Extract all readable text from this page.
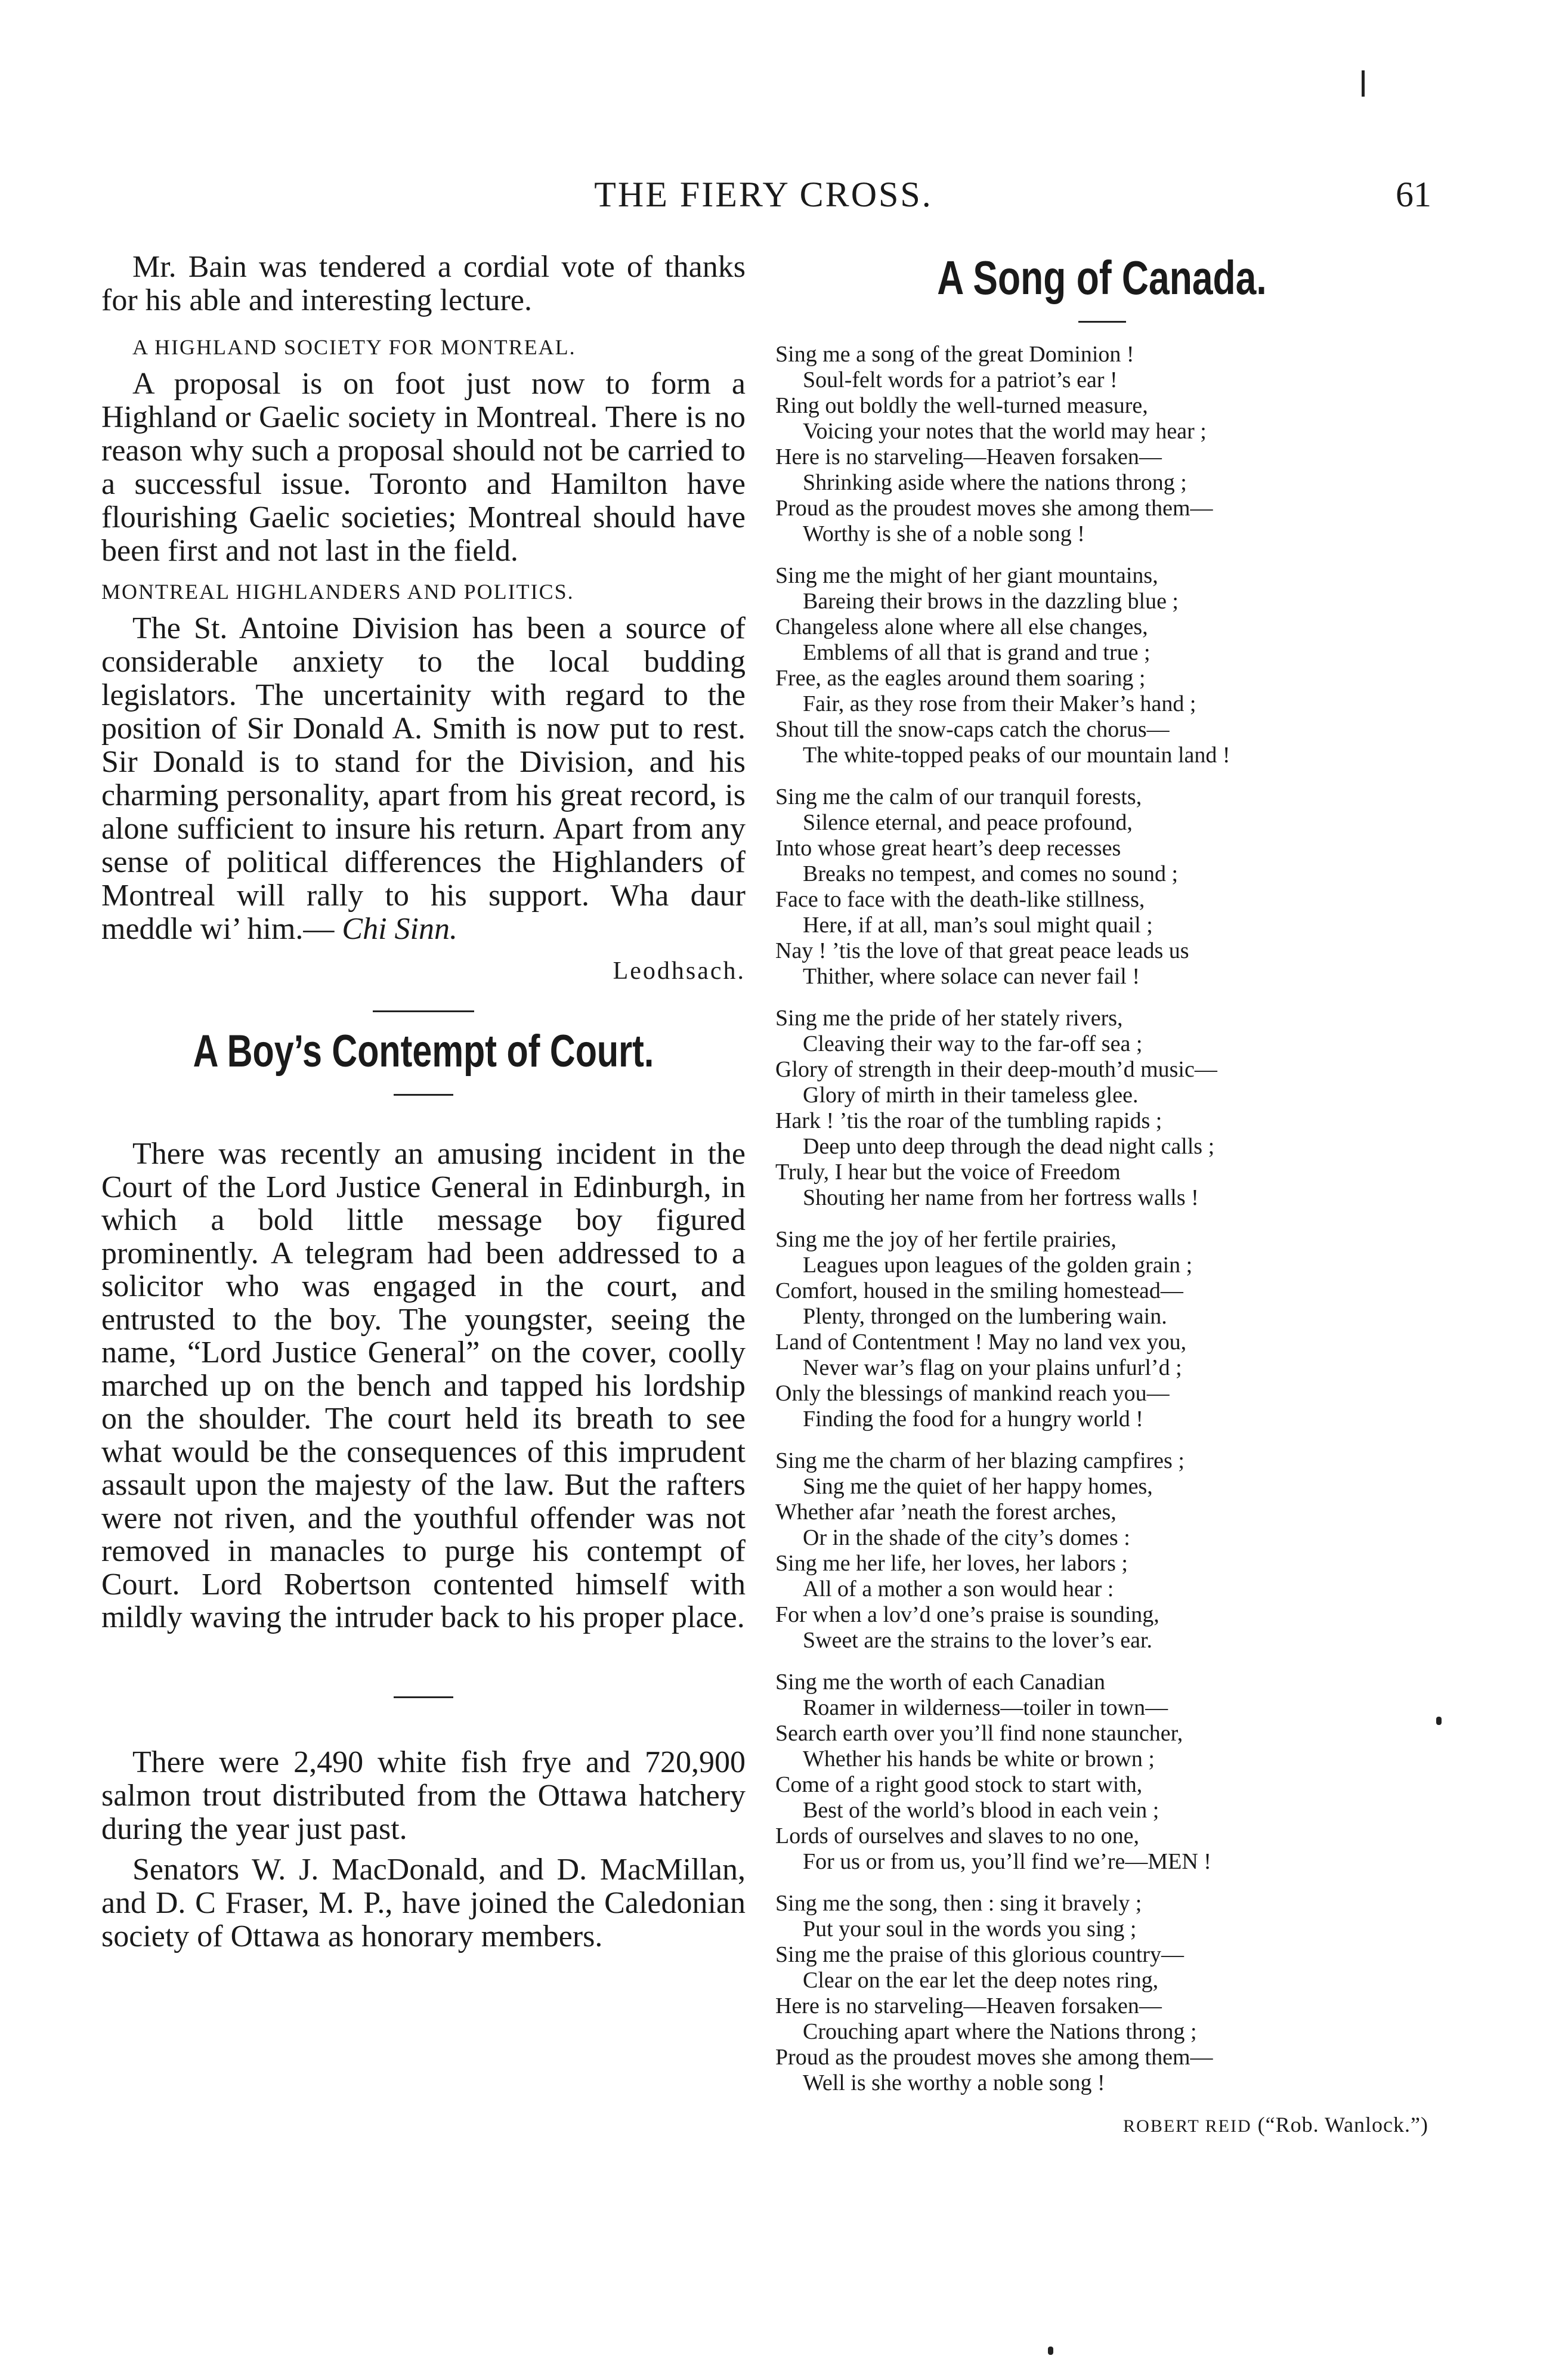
THE FIERY CROSS.	61

Mr. Bain was tendered a cordial vote of thanks for his able and interesting lecture.

A HIGHLAND SOCIETY FOR MONTREAL.

A proposal is on foot just now to form a Highland or Gaelic society in Montreal. There is no reason why such a proposal should not be carried to a successful issue. Toronto and Hamilton have flourishing Gaelic societies; Montreal should have been first and not last in the field.

MONTREAL HIGHLANDERS AND POLITICS.

The St. Antoine Division has been a source of considerable anxiety to the local budding legislators. The uncertainity with regard to the position of Sir Donald A. Smith is now put to rest. Sir Donald is to stand for the Division, and his charming personality, apart from his great record, is alone sufficient to insure his return. Apart from any sense of political differences the Highlanders of Montreal will rally to his support. Wha daur meddle wi’ him.— Chi Sinn.

Leodhsach.

A Boy’s Contempt of Court.

There was recently an amusing incident in the Court of the Lord Justice General in Edinburgh, in which a bold little message boy figured prominently. A telegram had been addressed to a solicitor who was engaged in the court, and entrusted to the boy. The youngster, seeing the name, “Lord Justice General” on the cover, coolly marched up on the bench and tapped his lordship on the shoulder. The court held its breath to see what would be the consequences of this imprudent assault upon the majesty of the law. But the rafters were not riven, and the youthful offender was not removed in manacles to purge his contempt of Court. Lord Robertson contented himself with mildly waving the intruder back to his proper place.

There were 2,490 white fish frye and 720,900 salmon trout distributed from the Ottawa hatchery during the year just past.

Senators W. J. MacDonald, and D. MacMillan, and D. C Fraser, M. P., have joined the Caledonian society of Ottawa as honorary members.

A Song of Canada.

Sing me a song of the great Dominion !

Soul-felt words for a patriot’s ear !

Ring out boldly the well-turned measure,

Voicing your notes that the world may hear ;

Here is no starveling—Heaven forsaken—

Shrinking aside where the nations throng ;

Proud as the proudest moves she among them—

Worthy is she of a noble song !

Sing me the might of her giant mountains,

Bareing their brows in the dazzling blue ;

Changeless alone where all else changes,

Emblems of all that is grand and true ;

Free, as the eagles around them soaring ;

Fair, as they rose from their Maker’s hand ;

Shout till the snow-caps catch the chorus—

The white-topped peaks of our mountain land !

Sing me the calm of our tranquil forests,

Silence eternal, and peace profound,

Into whose great heart’s deep recesses

Breaks no tempest, and comes no sound ;

Face to face with the death-like stillness,

Here, if at all, man’s soul might quail ;

Nay ! ’tis the love of that great peace leads us

Thither, where solace can never fail !

Sing me the pride of her stately rivers,

Cleaving their way to the far-off sea ;

Glory of strength in their deep-mouth’d music—

Glory of mirth in their tameless glee.

Hark ! ’tis the roar of the tumbling rapids ;

Deep unto deep through the dead night calls ;

Truly, I hear but the voice of Freedom

Shouting her name from her fortress walls !

Sing me the joy of her fertile prairies,

Leagues upon leagues of the golden grain ;

Comfort, housed in the smiling homestead—

Plenty, thronged on the lumbering wain.

Land of Contentment ! May no land vex you,

Never war’s flag on your plains unfurl’d ;

Only the blessings of mankind reach you—

Finding the food for a hungry world !

Sing me the charm of her blazing campfires ;

Sing me the quiet of her happy homes,

Whether afar ’neath the forest arches,

Or in the shade of the city’s domes :

Sing me her life, her loves, her labors ;

All of a mother a son would hear :

For when a lov’d one’s praise is sounding,

Sweet are the strains to the lover’s ear.

Sing me the worth of each Canadian

Roamer in wilderness—toiler in town—

Search earth over you’ll find none stauncher,

Whether his hands be white or brown ;

Come of a right good stock to start with,

Best of the world’s blood in each vein ;

Lords of ourselves and slaves to no one,

For us or from us, you’ll find we’re—MEN !

Sing me the song, then : sing it bravely ;

Put your soul in the words you sing ;

Sing me the praise of this glorious country—

Clear on the ear let the deep notes ring,

Here is no starveling—Heaven forsaken—

Crouching apart where the Nations throng ;

Proud as the proudest moves she among them—

Well is she worthy a noble song !

ROBERT REID (“Rob. Wanlock.”)
